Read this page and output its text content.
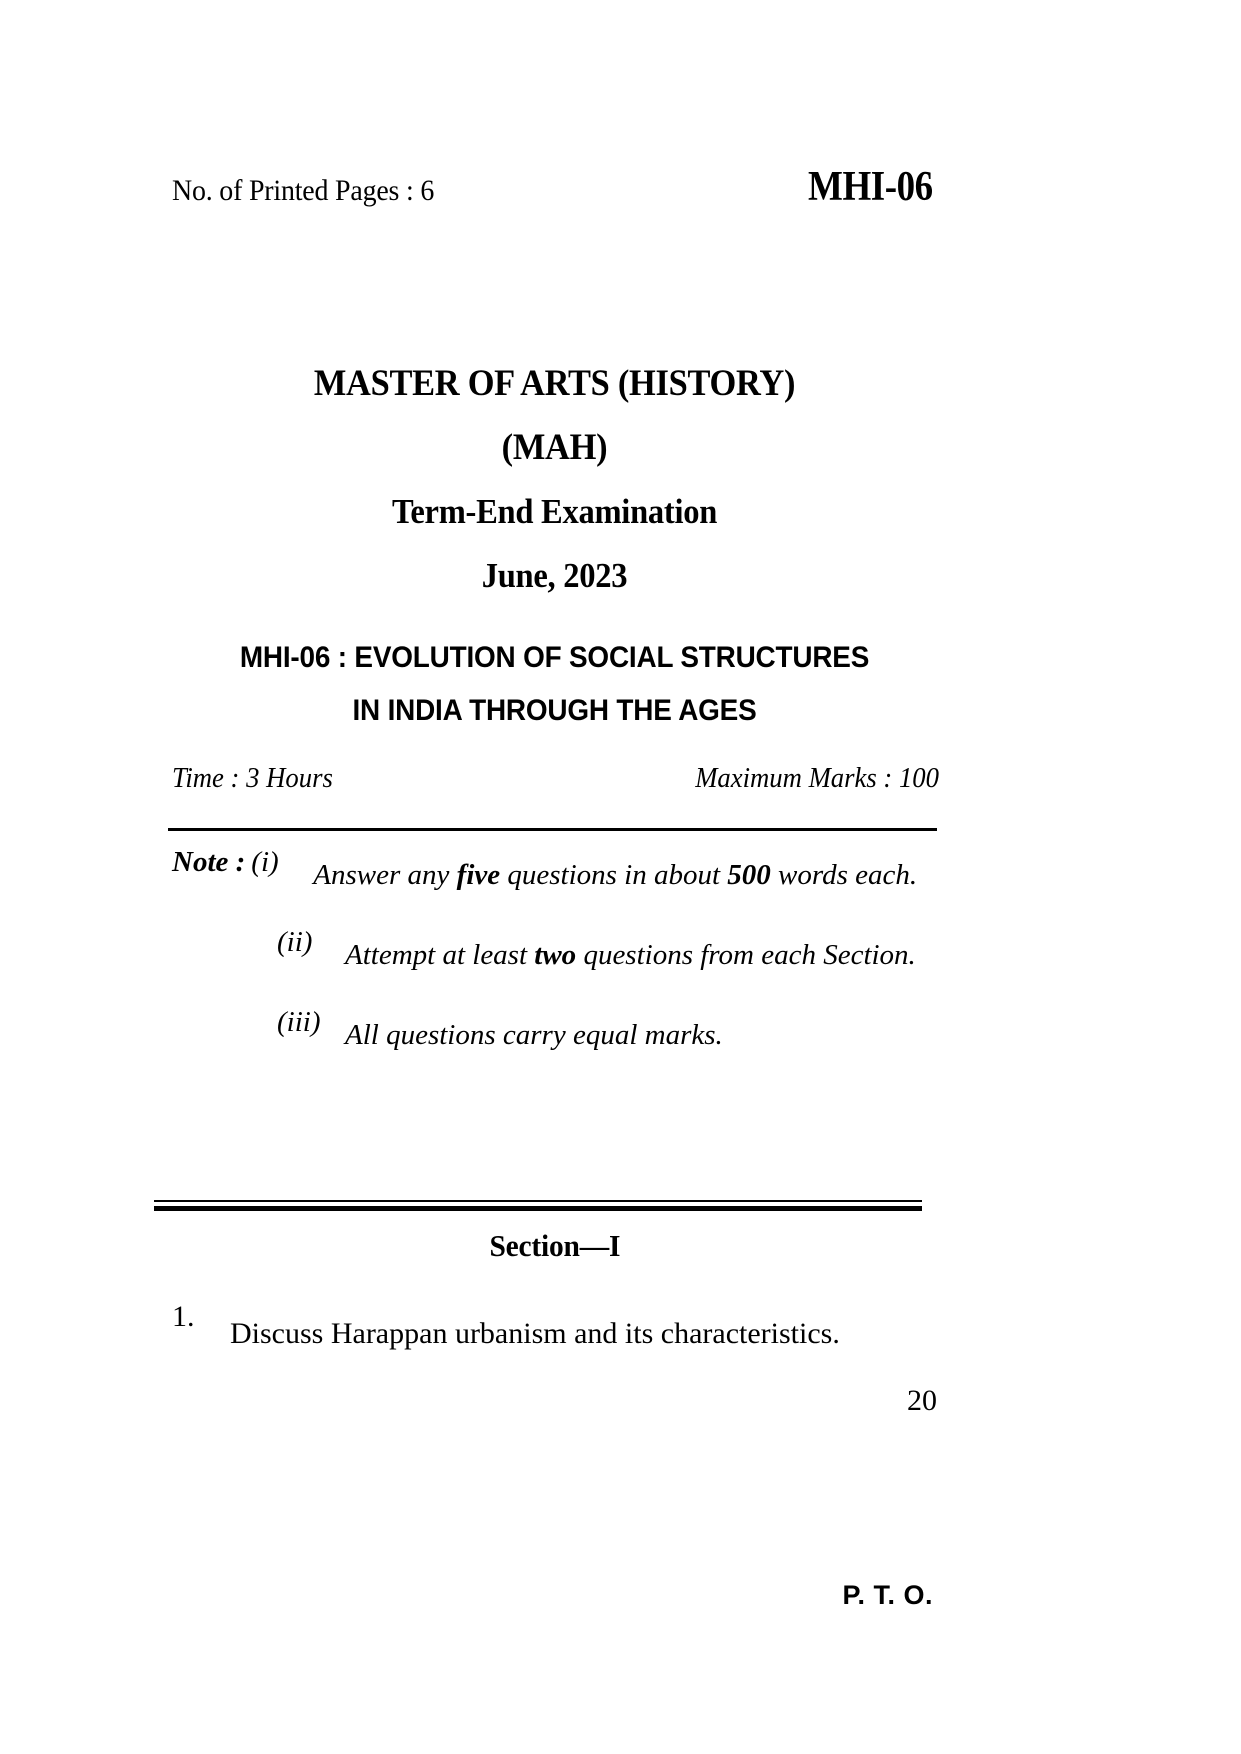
No. of Printed Pages : 6	MHI-06
MASTER OF ARTS (HISTORY)
(MAH)
Term-End Examination
June, 2023
MHI-06 : EVOLUTION OF SOCIAL STRUCTURES
IN INDIA THROUGH THE AGES
Time : 3 Hours	Maximum Marks : 100
Note : (i)	Answer any five questions in about 500 words each.
(ii)	Attempt at least two questions from each Section.
(iii) All questions carry equal marks.
Section—I
1.
Discuss Harappan urbanism and its characteristics.
20
P. T. O.
